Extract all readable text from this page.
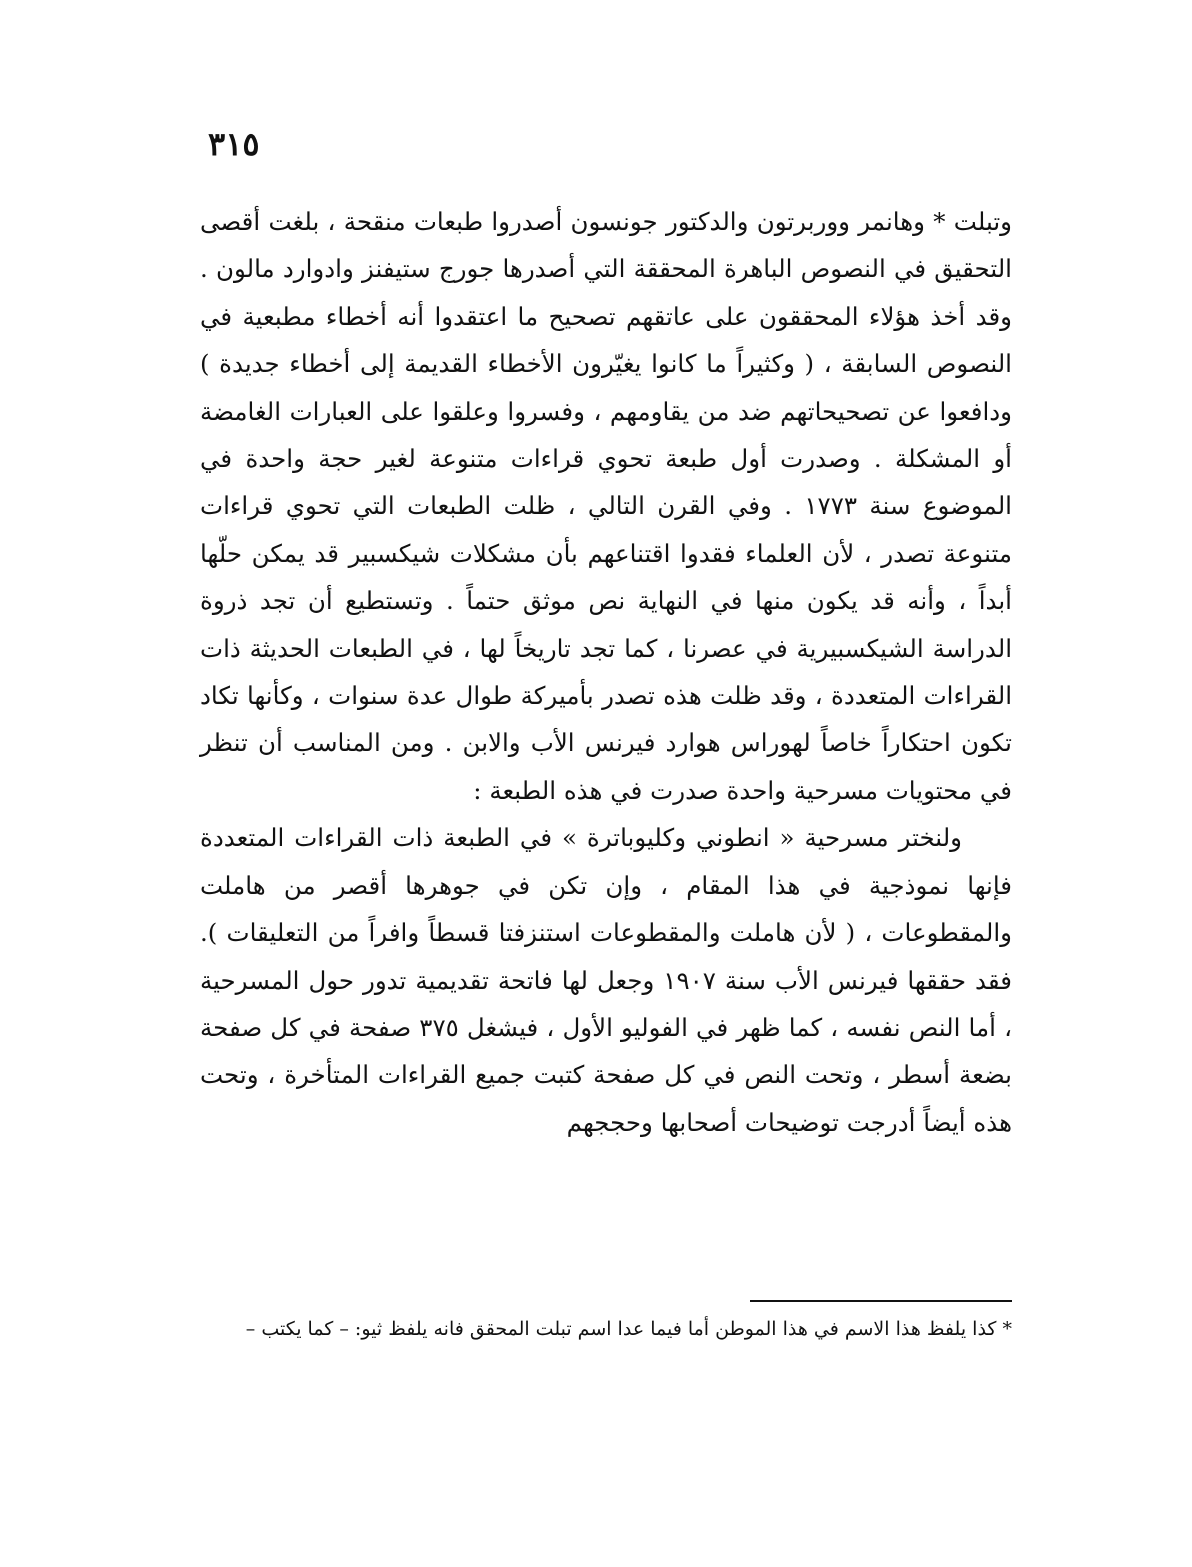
٣١٥

وتبلت * وهانمر ووربرتون والدكتور جونسون أصدروا طبعات منقحة ، بلغت أقصى التحقيق في النصوص الباهرة المحققة التي أصدرها جورج ستيفنز وادوارد مالون . وقد أخذ هؤلاء المحققون على عاتقهم تصحيح ما اعتقدوا أنه أخطاء مطبعية في النصوص السابقة ، ( وكثيراً ما كانوا يغيّرون الأخطاء القديمة إلى أخطاء جديدة ) ودافعوا عن تصحيحاتهم ضد من يقاومهم ، وفسروا وعلقوا على العبارات الغامضة أو المشكلة . وصدرت أول طبعة تحوي قراءات متنوعة لغير حجة واحدة في الموضوع سنة ١٧٧٣ . وفي القرن التالي ، ظلت الطبعات التي تحوي قراءات متنوعة تصدر ، لأن العلماء فقدوا اقتناعهم بأن مشكلات شيكسبير قد يمكن حلّها أبداً ، وأنه قد يكون منها في النهاية نص موثق حتماً . وتستطيع أن تجد ذروة الدراسة الشيكسبيرية في عصرنا ، كما تجد تاريخاً لها ، في الطبعات الحديثة ذات القراءات المتعددة ، وقد ظلت هذه تصدر بأميركة طوال عدة سنوات ، وكأنها تكاد تكون احتكاراً خاصاً لهوراس هوارد فيرنس الأب والابن . ومن المناسب أن تنظر في محتويات مسرحية واحدة صدرت في هذه الطبعة :

ولنختر مسرحية « انطوني وكليوباترة » في الطبعة ذات القراءات المتعددة فإنها نموذجية في هذا المقام ، وإن تكن في جوهرها أقصر من هاملت والمقطوعات ، ( لأن هاملت والمقطوعات استنزفتا قسطاً وافراً من التعليقات ). فقد حققها فيرنس الأب سنة ١٩٠٧ وجعل لها فاتحة تقديمية تدور حول المسرحية ، أما النص نفسه ، كما ظهر في الفوليو الأول ، فيشغل ٣٧٥ صفحة في كل صفحة بضعة أسطر ، وتحت النص في كل صفحة كتبت جميع القراءات المتأخرة ، وتحت هذه أيضاً أدرجت توضيحات أصحابها وحججهم

* كذا يلفظ هذا الاسم في هذا الموطن أما فيما عدا اسم تبلت المحقق فانه يلفظ ثيو: – كما يكتب –
